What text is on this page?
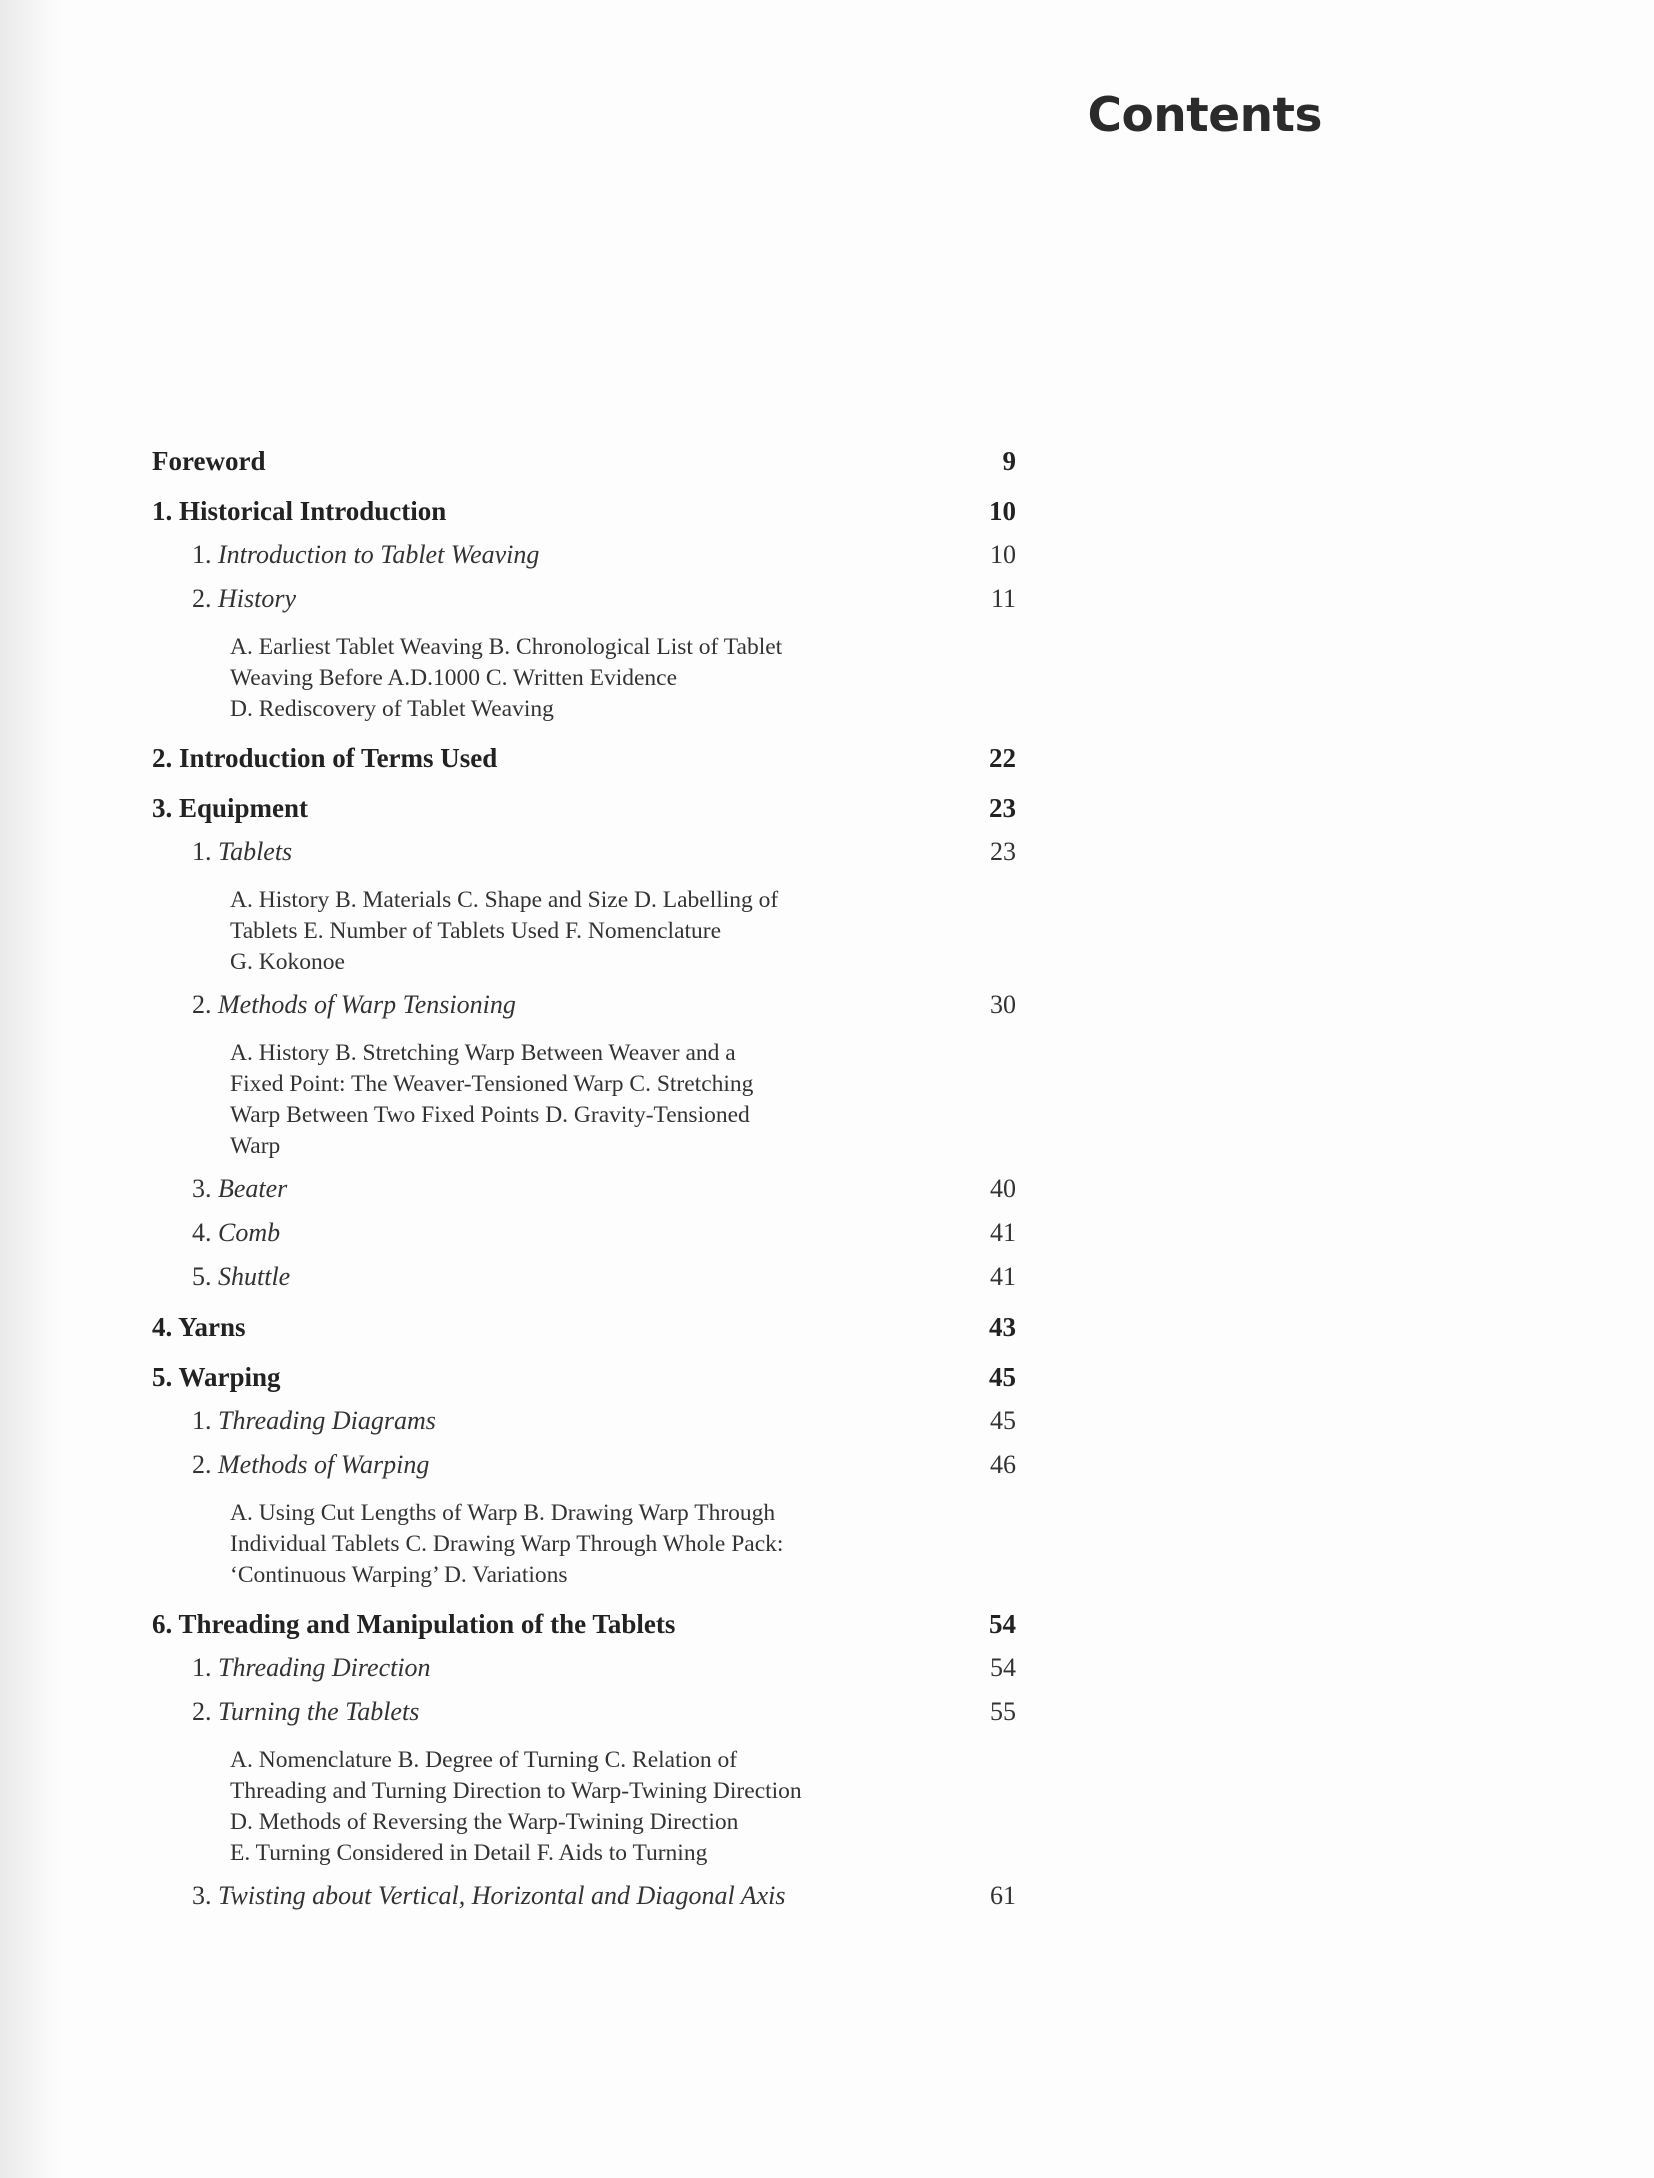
Contents
Foreword	9
1. Historical Introduction	10
1. Introduction to Tablet Weaving	10
2. History	11
A. Earliest Tablet Weaving B. Chronological List of Tablet
Weaving Before A.D.1000 C. Written Evidence
D. Rediscovery of Tablet Weaving
2. Introduction of Terms Used	22
3. Equipment	23
1. Tablets	23
A. History B. Materials C. Shape and Size D. Labelling of
Tablets E. Number of Tablets Used F. Nomenclature
G. Kokonoe
2. Methods of Warp Tensioning	30
A. History B. Stretching Warp Between Weaver and a
Fixed Point: The Weaver-Tensioned Warp C. Stretching
Warp Between Two Fixed Points D. Gravity-Tensioned
Warp
3. Beater	40
4. Comb	41
5. Shuttle	41
4. Yarns	43
5. Warping	45
1. Threading Diagrams	45
2. Methods of Warping	46
A. Using Cut Lengths of Warp B. Drawing Warp Through
Individual Tablets C. Drawing Warp Through Whole Pack:
‘Continuous Warping’ D. Variations
6. Threading and Manipulation of the Tablets	54
1. Threading Direction	54
2. Turning the Tablets	55
A. Nomenclature B. Degree of Turning C. Relation of
Threading and Turning Direction to Warp-Twining Direction
D. Methods of Reversing the Warp-Twining Direction
E. Turning Considered in Detail F. Aids to Turning
3. Twisting about Vertical, Horizontal and Diagonal Axis	61
